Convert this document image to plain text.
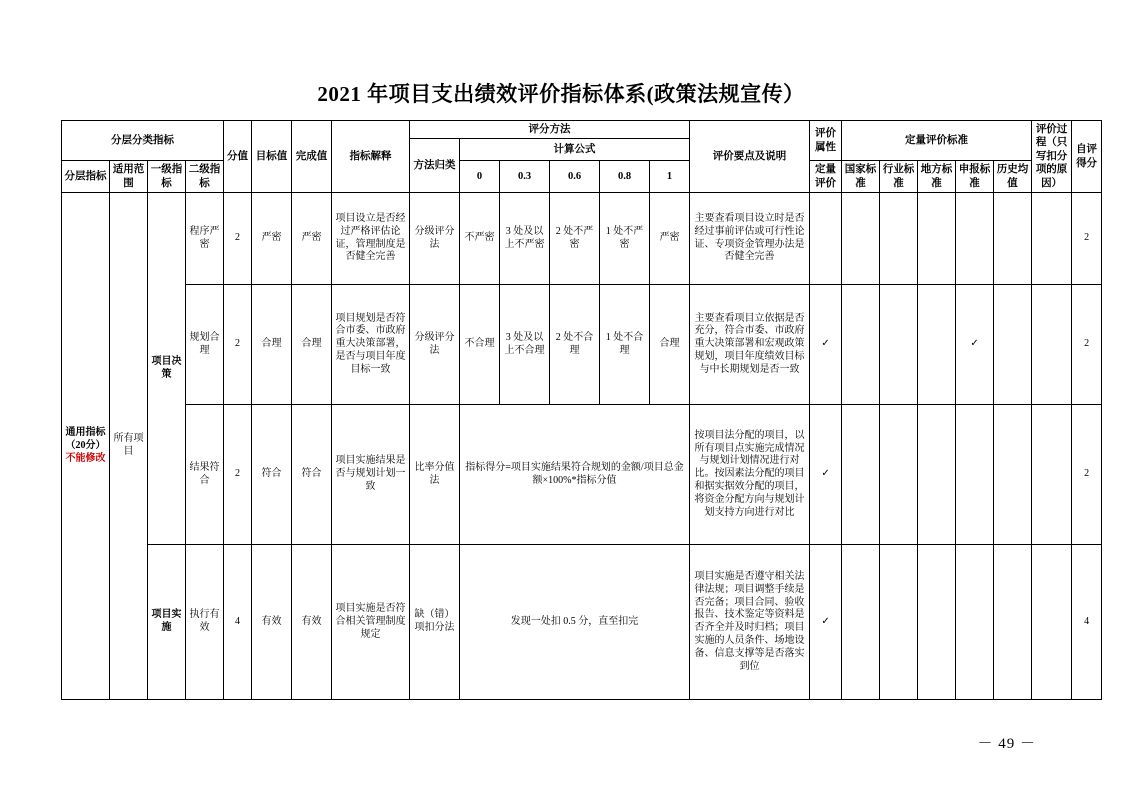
2021 年项目支出绩效评价指标体系(政策法规宣传）
分层分类指标				分值	目标值	完成值	指标解释	评分方法						评价要点及说明	评价属性	定量评价标准					评价过程（只写扣分项的原因）	自评得分
								方法归类	计算公式													
分层指标	适用范围	一级指标	二级指标						0	0.3	0.6	0.8	1		定量评价	国家标准	行业标准	地方标准	申报标准	历史均值		

通用指标（20分）
不能修改	所有项目	项目决策	程序严密	2	严密	严密	项目设立是否经过严格评估论证，管理制度是否健全完善	分级评分法	不严密	3 处及以上不严密	2 处不严密	1 处不严密	严密	主要查看项目设立时是否经过事前评估或可行性论证、专项资金管理办法是否健全完善								2
			规划合理	2	合理	合理	项目规划是否符合市委、市政府重大决策部署，是否与项目年度目标一致	分级评分法	不合理	3 处及以上不合理	2 处不合理	1 处不合理	合理	主要查看项目立依据是否充分，符合市委、市政府重大决策部署和宏观政策规划，项目年度绩效目标与中长期规划是否一致	✓				✓			2
			结果符合	2	符合	符合	项目实施结果是否与规划计划一致	比率分值法	指标得分=项目实施结果符合规划的金额/项目总金额×100%*指标分值					按项目法分配的项目，以所有项目点实施完成情况与规划计划情况进行对比。按因素法分配的项目和据实据效分配的项目，将资金分配方向与规划计划支持方向进行对比	✓							2
		项目实施	执行有效	4	有效	有效	项目实施是否符合相关管理制度规定	缺（错）项扣分法	发现一处扣 0.5 分，直至扣完					项目实施是否遵守相关法律法规；项目调整手续是否完备；项目合同、验收报告、技术鉴定等资料是否齐全并及时归档；项目实施的人员条件、场地设备、信息支撑等是否落实到位	✓							4
－ 49 －
